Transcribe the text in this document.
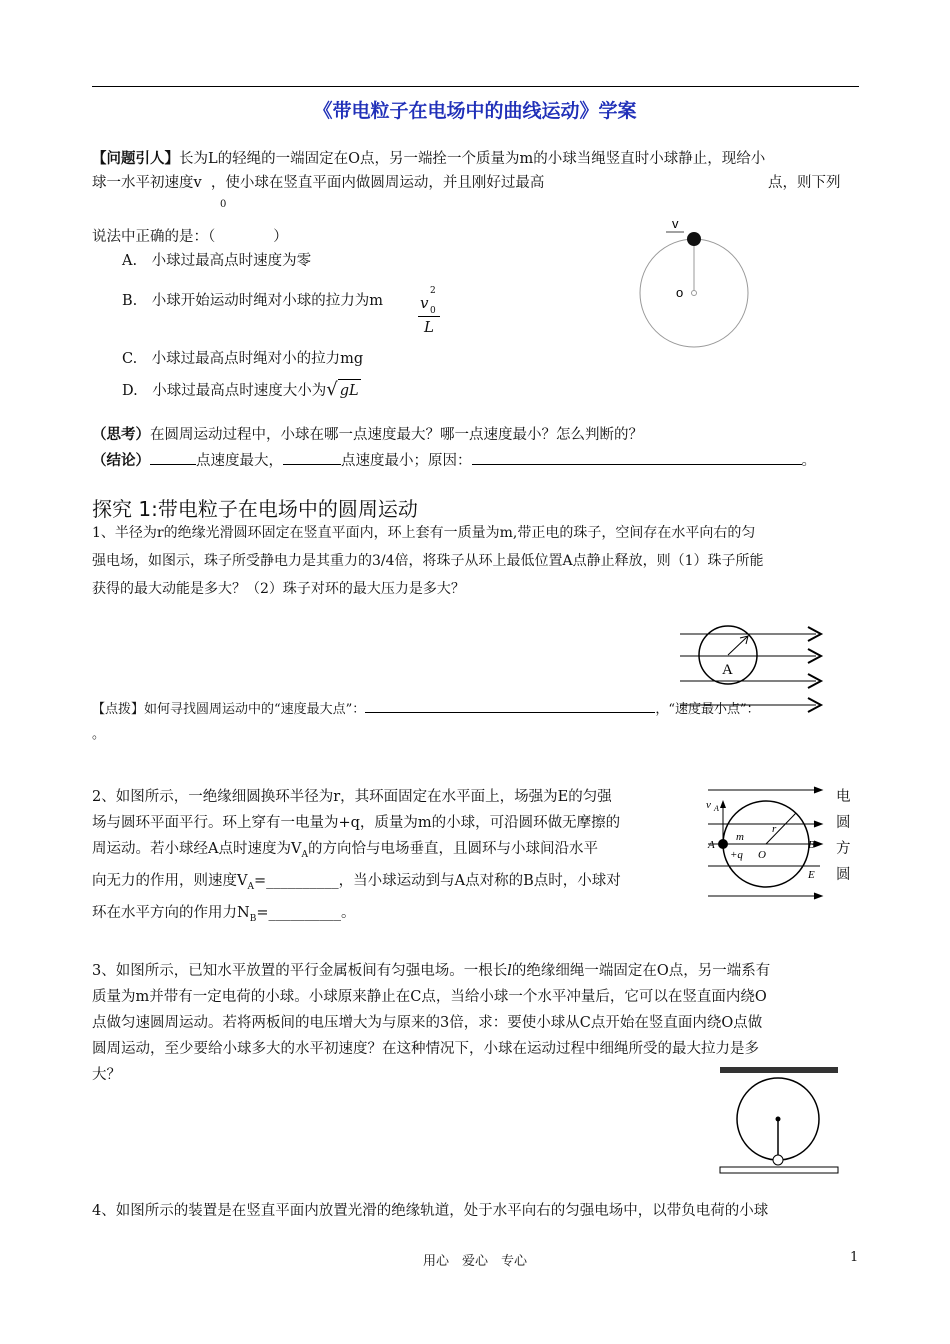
《带电粒子在电场中的曲线运动》学案
【问题引人】长为L的轻绳的一端固定在O点，另一端拴一个质量为m的小球当绳竖直时小球静止，现给小
球一水平初速度v ，使小球在竖直平面内做圆周运动，并且刚好过最高	点，则下列
0
说法中正确的是：（　　　　）
A.　小球过最高点时速度为零
B.　小球开始运动时绳对小球的拉力为m v 0
2
L
C.　小球过最高点时绳对小的拉力mg
D.　小球过最高点时速度大小为√ gL
v
o
（思考）在圆周运动过程中，小球在哪一点速度最大？哪一点速度最小？怎么判断的？
（结论）	点速度最大，	点速度最小；原因：	。
探究 1:带电粒子在电场中的圆周运动
1、半径为r的绝缘光滑圆环固定在竖直平面内，环上套有一质量为m,带正电的珠子，空间存在水平向右的匀
强电场，如图示，珠子所受静电力是其重力的3/4倍，将珠子从环上最低位置A点静止释放，则（1）珠子所能
获得的最大动能是多大？（2）珠子对环的最大压力是多大？
A
【点拨】如何寻找圆周运动中的“速度最大点”：	，“速度最小点”：
。
2、如图所示，一绝缘细圆换环半径为r，其环面固定在水平面上，场强为E的匀强
场与圆环平面平行。环上穿有一电量为+q，质量为m的小球，可沿圆环做无摩擦的
周运动。若小球经A点时速度为$V_A$的方向恰与电场垂直，且圆环与小球间沿水平
向无力的作用，则速度$V_A=\_\_\_\_\_\_\_\_\_\_$，当小球运动到与A点对称的B点时，小球对
环在水平方向的作用力$N_B=\_\_\_\_\_\_\_\_\_\_$。
电
圆
方
圆
v A
m
r
A
+q O
B
E
3、如图所示，已知水平放置的平行金属板间有匀强电场。一根长l的绝缘细绳一端固定在O点，另一端系有
质量为m并带有一定电荷的小球。小球原来静止在C点，当给小球一个水平冲量后，它可以在竖直面内绕O
点做匀速圆周运动。若将两板间的电压增大为与原来的3倍，求：要使小球从C点开始在竖直面内绕O点做
圆周运动，至少要给小球多大的水平初速度？在这种情况下，小球在运动过程中细绳所受的最大拉力是多
大？
4、如图所示的装置是在竖直平面内放置光滑的绝缘轨道，处于水平向右的匀强电场中，以带负电荷的小球
用心　爱心　专心	1
